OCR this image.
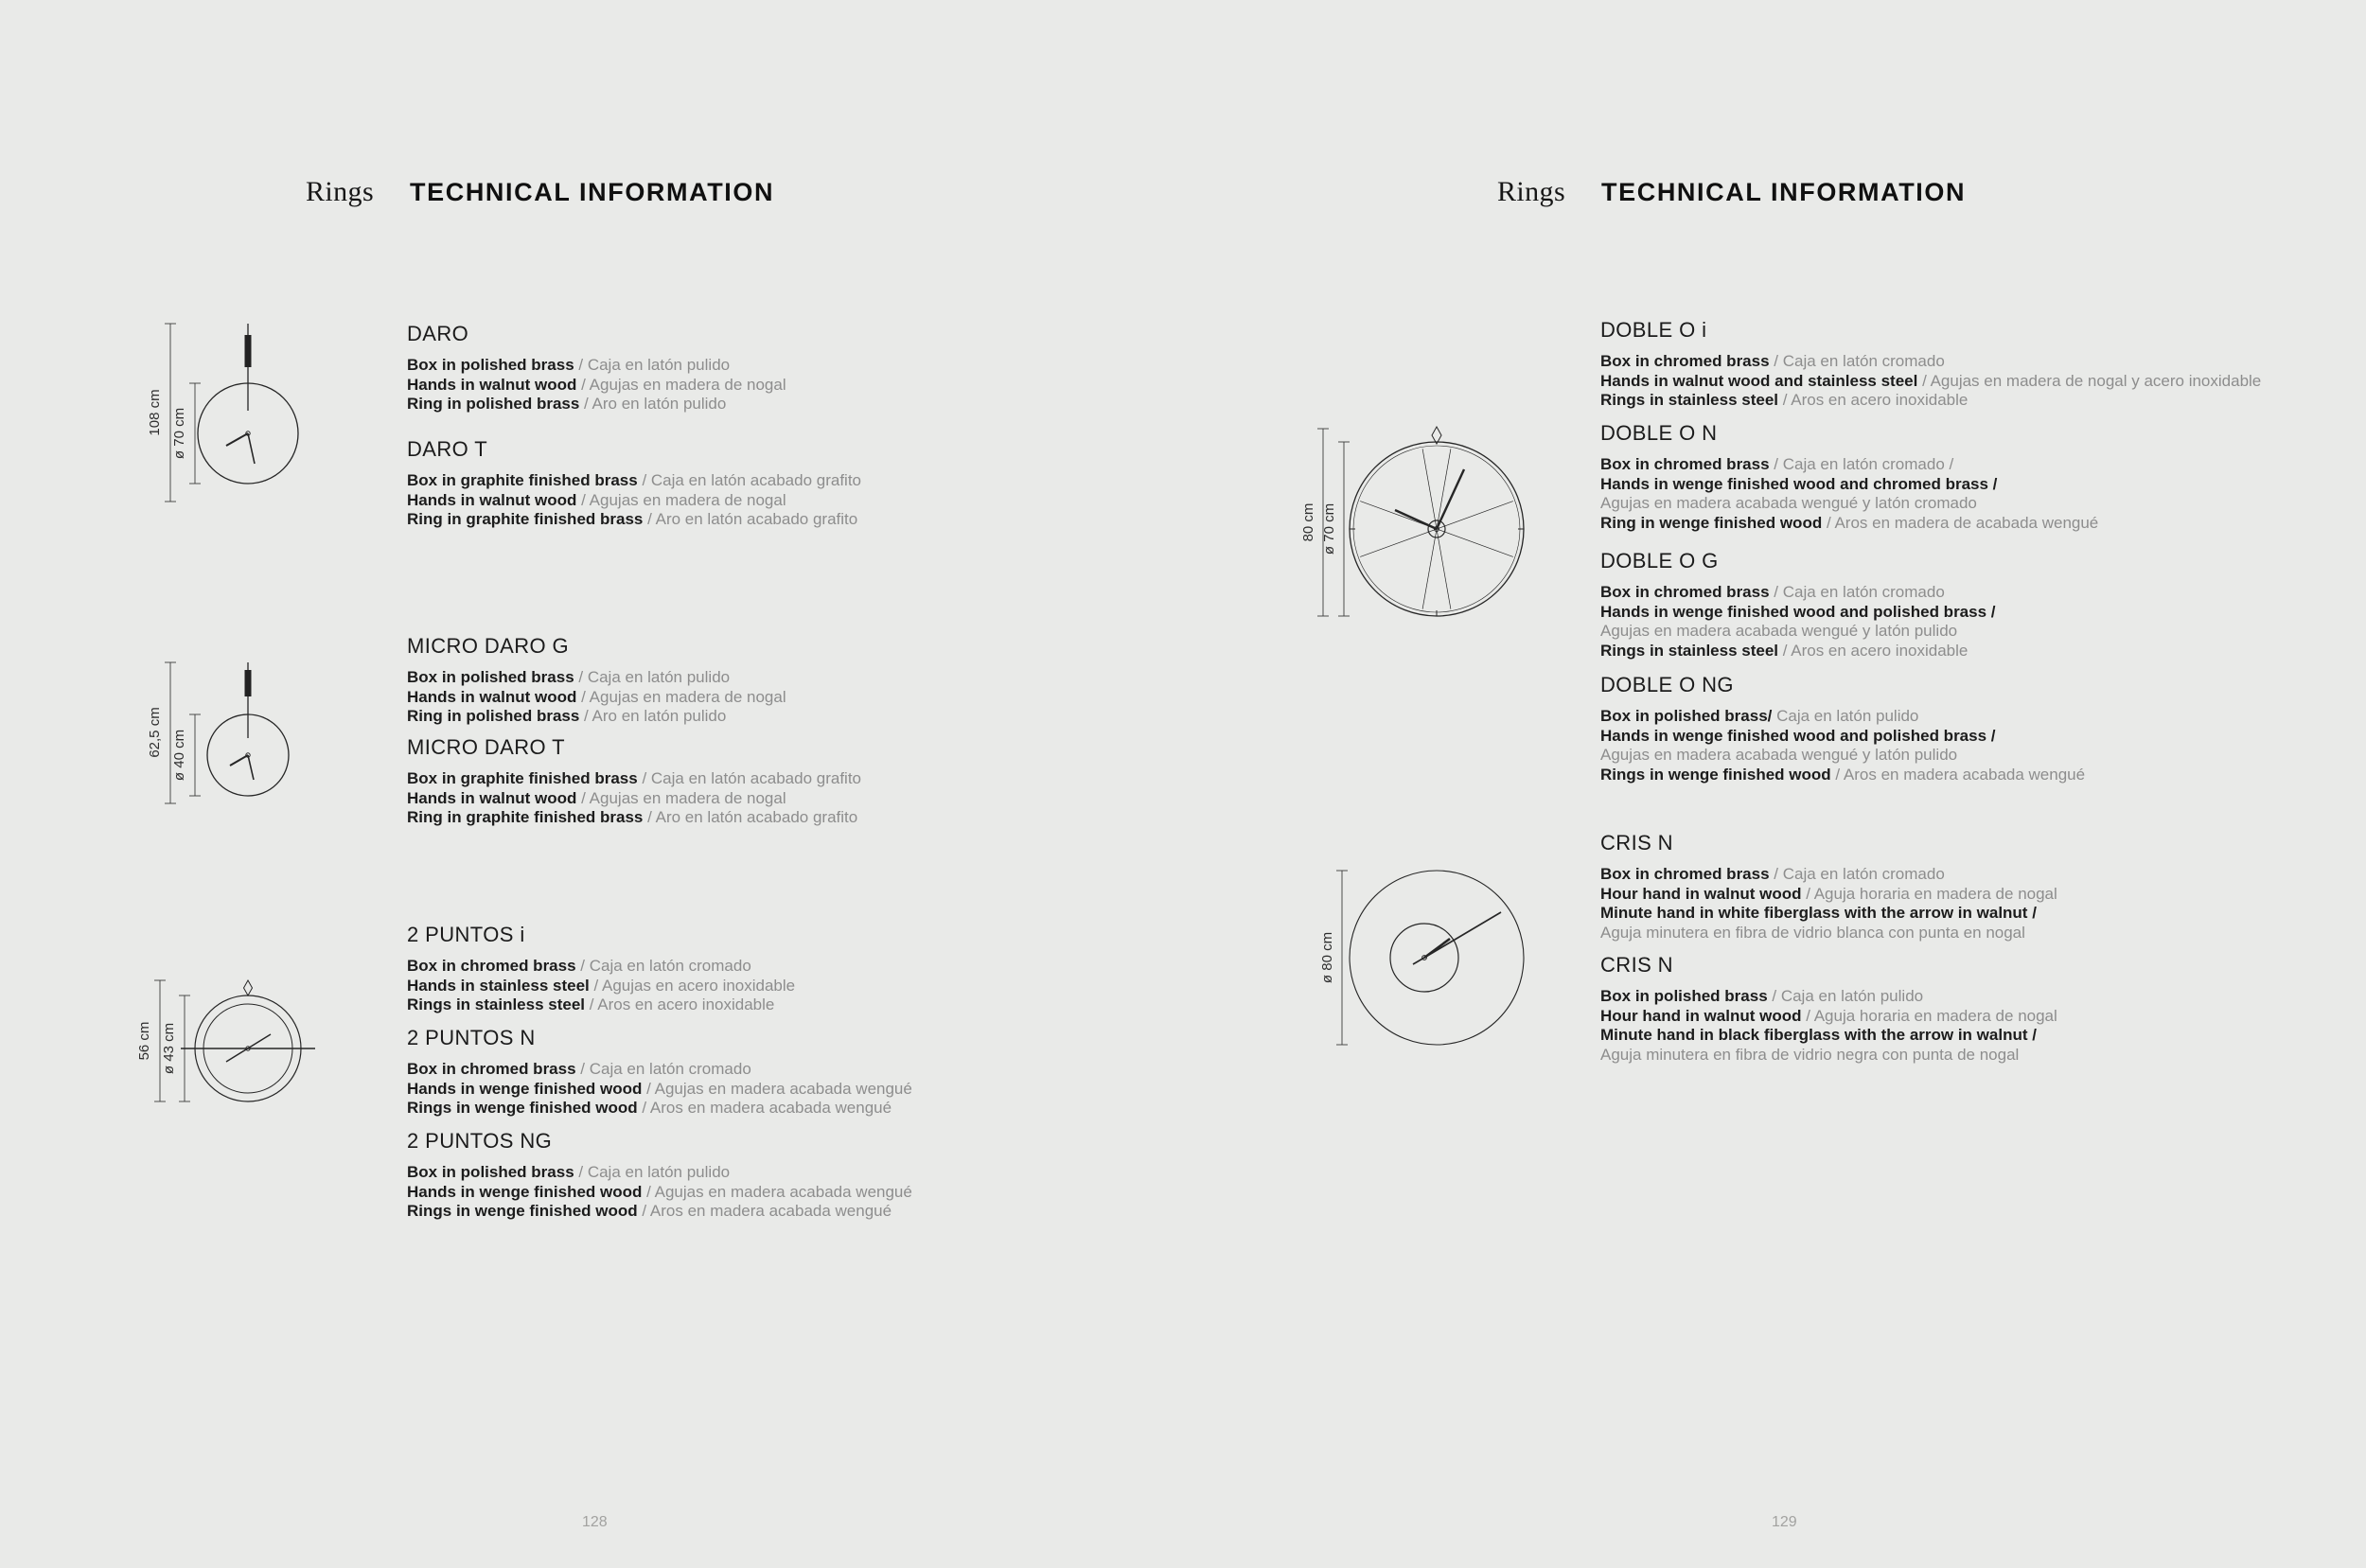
Rings TECHNICAL INFORMATION	Rings TECHNICAL INFORMATION
108 cm ø 70 cm
62,5 cm ø 40 cm
56 cm ø 43 cm
80 cm ø 70 cm
ø 80 cm
DARO

Box in polished brass / Caja en latón pulido

Hands in walnut wood / Agujas en madera de nogal

Ring in polished brass / Aro en latón pulido

DARO T

Box in graphite finished brass / Caja en latón acabado grafito

Hands in walnut wood / Agujas en madera de nogal

Ring in graphite finished brass / Aro en latón acabado grafito

MICRO DARO G

Box in polished brass / Caja en latón pulido

Hands in walnut wood / Agujas en madera de nogal

Ring in polished brass / Aro en latón pulido

MICRO DARO T

Box in graphite finished brass / Caja en latón acabado grafito

Hands in walnut wood / Agujas en madera de nogal

Ring in graphite finished brass / Aro en latón acabado grafito

2 PUNTOS i

Box in chromed brass / Caja en latón cromado

Hands in stainless steel / Agujas en acero inoxidable

Rings in stainless steel / Aros en acero inoxidable

2 PUNTOS N

Box in chromed brass / Caja en latón cromado

Hands in wenge finished wood / Agujas en madera acabada wengué

Rings in wenge finished wood / Aros en madera acabada wengué

2 PUNTOS NG

Box in polished brass / Caja en latón pulido

Hands in wenge finished wood / Agujas en madera acabada wengué

Rings in wenge finished wood / Aros en madera acabada wengué

DOBLE O i

Box in chromed brass / Caja en latón cromado

Hands in walnut wood and stainless steel / Agujas en madera de nogal y acero inoxidable

Rings in stainless steel / Aros en acero inoxidable

DOBLE O N

Box in chromed brass / Caja en latón cromado /

Hands in wenge finished wood and chromed brass /

Agujas en madera acabada wengué y latón cromado

Ring in wenge finished wood / Aros en madera de acabada wengué

DOBLE O G

Box in chromed brass / Caja en latón cromado

Hands in wenge finished wood and polished brass /

Agujas en madera acabada wengué y latón pulido

Rings in stainless steel / Aros en acero inoxidable

DOBLE O NG

Box in polished brass/ Caja en latón pulido

Hands in wenge finished wood and polished brass /

Agujas en madera acabada wengué y latón pulido

Rings in wenge finished wood / Aros en madera acabada wengué

CRIS N

Box in chromed brass / Caja en latón cromado

Hour hand in walnut wood / Aguja horaria en madera de nogal

Minute hand in white fiberglass with the arrow in walnut /

Aguja minutera en fibra de vidrio blanca con punta en nogal

CRIS N

Box in polished brass / Caja en latón pulido

Hour hand in walnut wood / Aguja horaria en madera de nogal

Minute hand in black fiberglass with the arrow in walnut /

Aguja minutera en fibra de vidrio negra con punta de nogal

128	129
